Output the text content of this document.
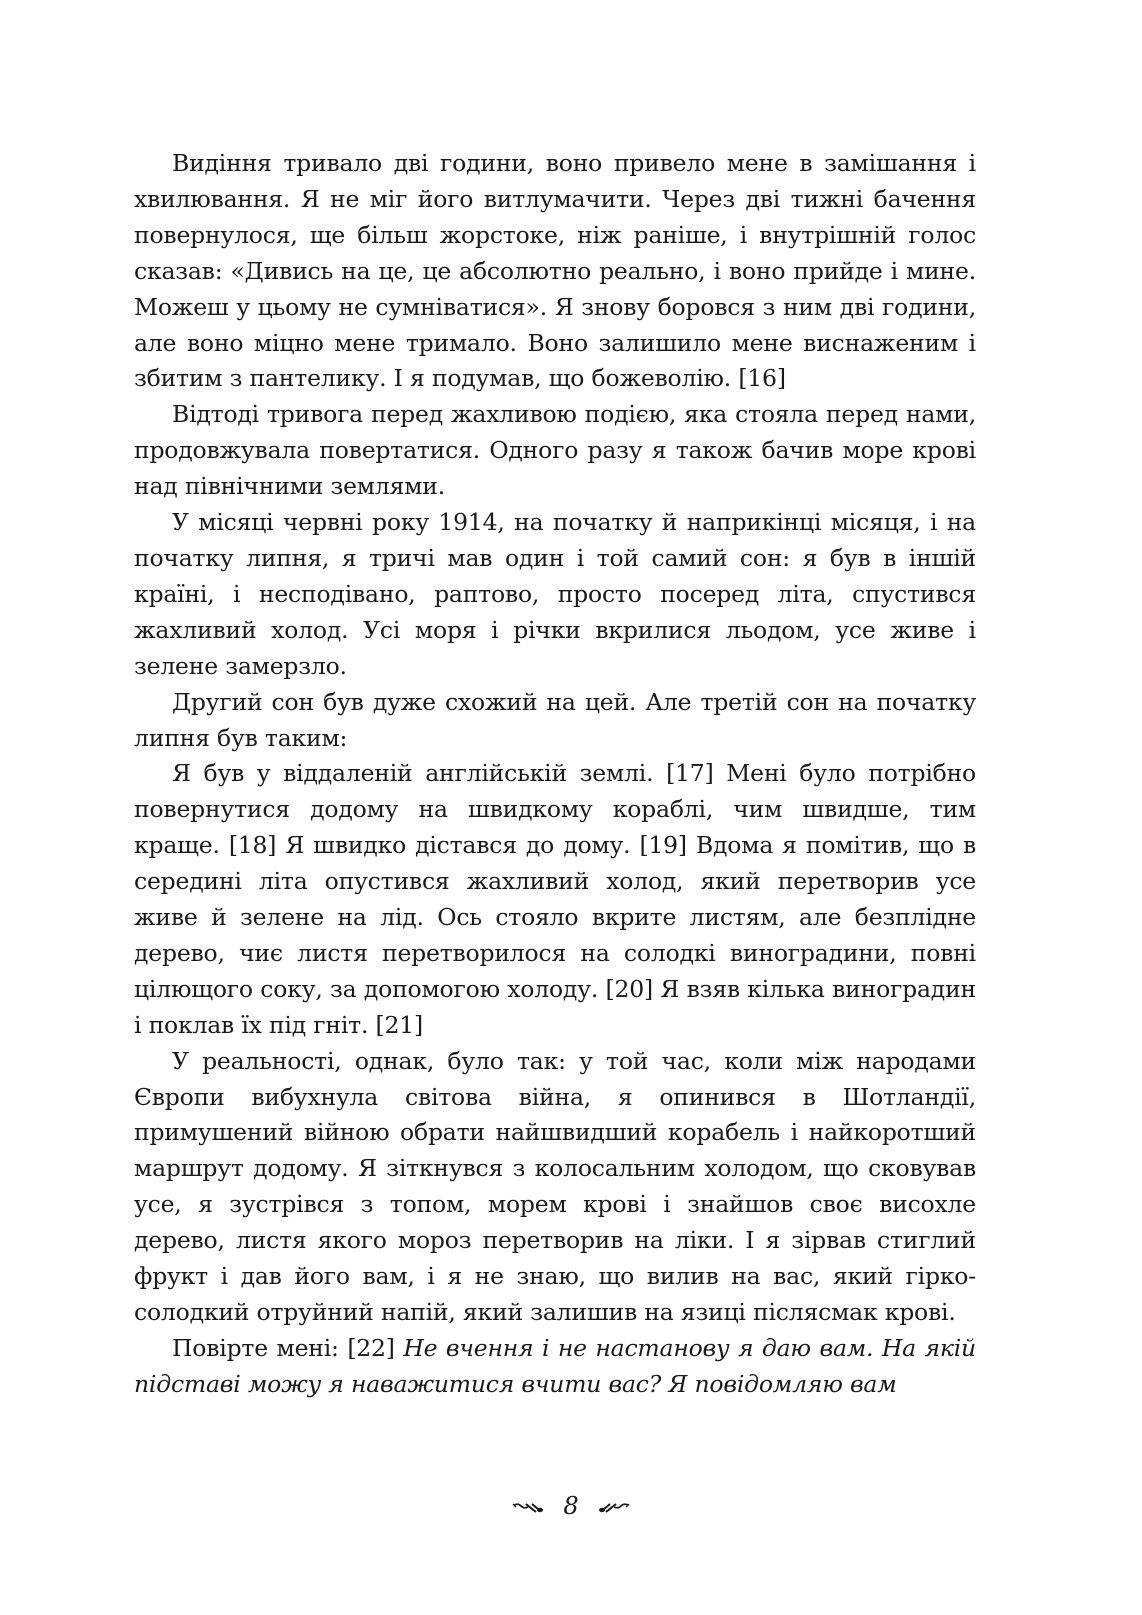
Видіння тривало дві години, воно привело мене в замішання і хвилювання. Я не міг його витлумачити. Через дві тижні бачення повернулося, ще більш жорстоке, ніж раніше, і внутрішній голос сказав: «Дивись на це, це абсолютно реально, і воно прийде і мине. Можеш у цьому не сумніватися». Я знову боровся з ним дві години, але воно міцно мене тримало. Воно залишило мене виснаженим і збитим з пантелику. І я подумав, що божеволію. [16]

Відтоді тривога перед жахливою подією, яка стояла перед нами, продовжувала повертатися. Одного разу я також бачив море крові над північними землями.

У місяці червні року 1914, на початку й наприкінці місяця, і на початку липня, я тричі мав один і той самий сон: я був в іншій країні, і несподівано, раптово, просто посеред літа, спустився жахливий холод. Усі моря і річки вкрилися льодом, усе живе і зелене замерзло.

Другий сон був дуже схожий на цей. Але третій сон на початку липня був таким:

Я був у віддаленій англійській землі. [17] Мені було потрібно повернутися додому на швидкому кораблі, чим швидше, тим краще. [18] Я швидко дістався до дому. [19] Вдома я помітив, що в середині літа опустився жахливий холод, який перетворив усе живе й зелене на лід. Ось стояло вкрите листям, але безплідне дерево, чиє листя перетворилося на солодкі виноградини, повні цілющого соку, за допомогою холоду. [20] Я взяв кілька виноградин і поклав їх під гніт. [21]

У реальності, однак, було так: у той час, коли між народами Європи вибухнула світова війна, я опинився в Шотландії, примушений війною обрати найшвидший корабель і найкоротший маршрут додому. Я зіткнувся з колосальним холодом, що сковував усе, я зустрівся з топом, морем крові і знайшов своє висохле дерево, листя якого мороз перетворив на ліки. І я зірвав стиглий фрукт і дав його вам, і я не знаю, що вилив на вас, який гірко-солодкий отруйний напій, який залишив на язиці післясмак крові.

Повірте мені: [22] Не вчення і не настанову я даю вам. На якій підставі можу я наважитися вчити вас? Я повідомляю вам

8
